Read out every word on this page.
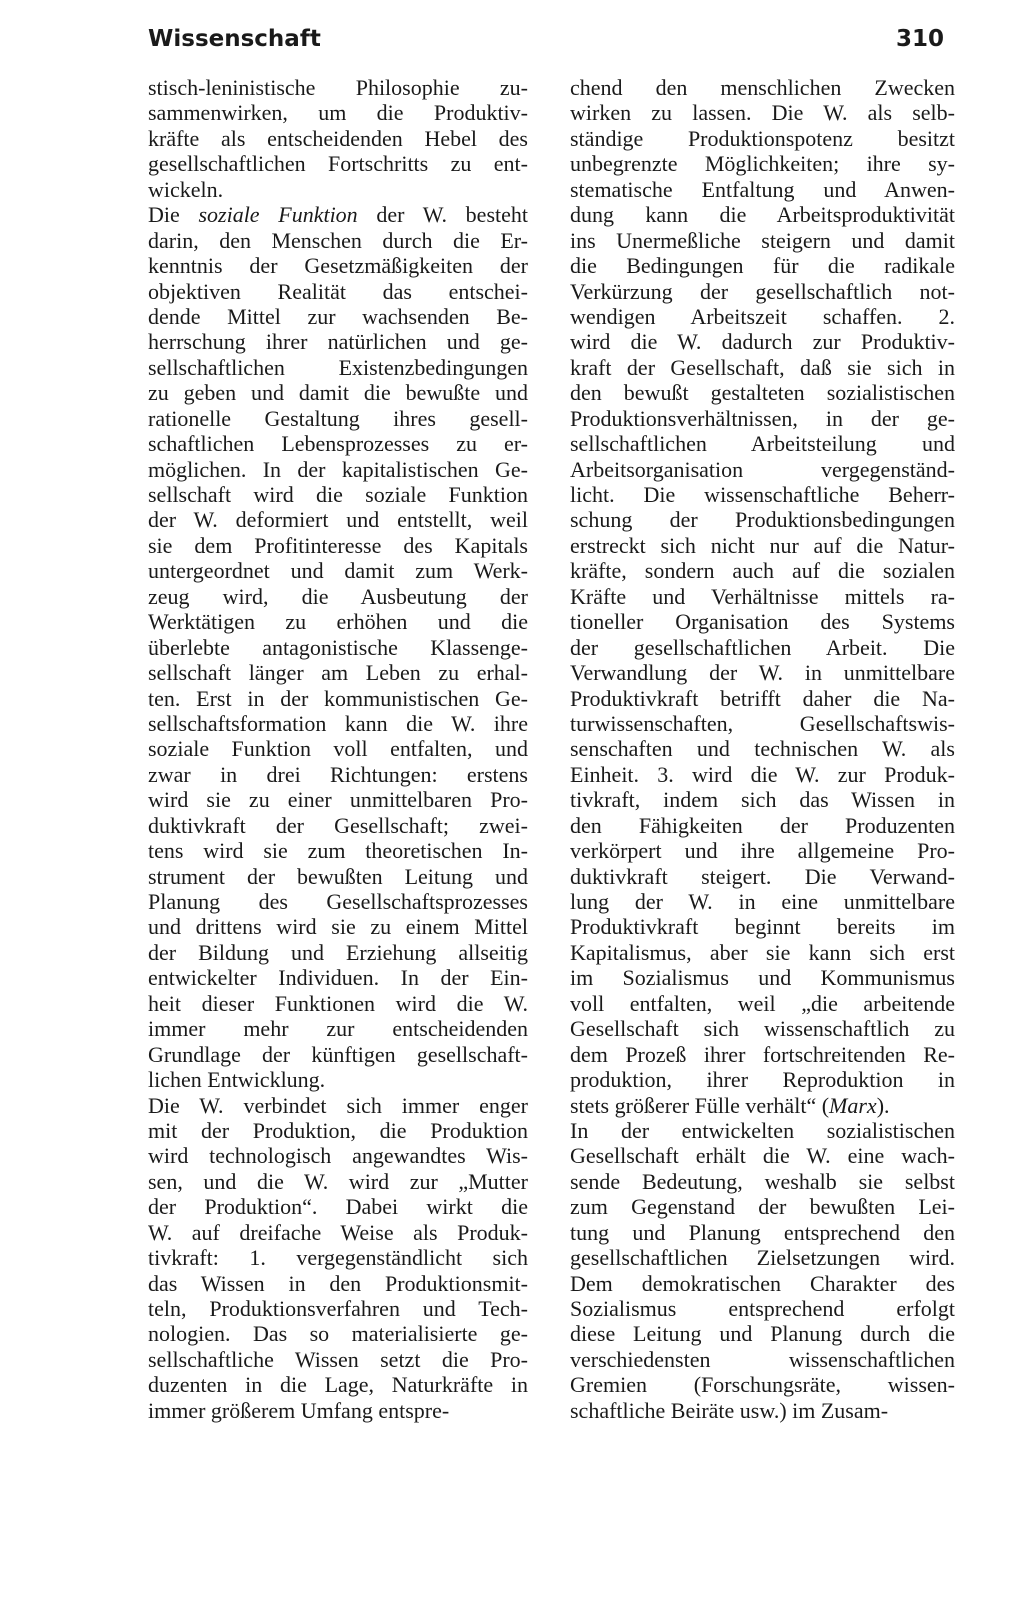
Wissenschaft	310
stisch-leninistische Philosophie zu-
sammenwirken, um die Produktiv-
kräfte als entscheidenden Hebel des
gesellschaftlichen Fortschritts zu ent-
wickeln.
Die soziale Funktion der W. besteht
darin, den Menschen durch die Er-
kenntnis der Gesetzmäßigkeiten der
objektiven Realität das entschei-
dende Mittel zur wachsenden Be-
herrschung ihrer natürlichen und ge-
sellschaftlichen Existenzbedingungen
zu geben und damit die bewußte und
rationelle Gestaltung ihres gesell-
schaftlichen Lebensprozesses zu er-
möglichen. In der kapitalistischen Ge-
sellschaft wird die soziale Funktion
der W. deformiert und entstellt, weil
sie dem Profitinteresse des Kapitals
untergeordnet und damit zum Werk-
zeug wird, die Ausbeutung der
Werktätigen zu erhöhen und die
überlebte antagonistische Klassenge-
sellschaft länger am Leben zu erhal-
ten. Erst in der kommunistischen Ge-
sellschaftsformation kann die W. ihre
soziale Funktion voll entfalten, und
zwar in drei Richtungen: erstens
wird sie zu einer unmittelbaren Pro-
duktivkraft der Gesellschaft; zwei-
tens wird sie zum theoretischen In-
strument der bewußten Leitung und
Planung des Gesellschaftsprozesses
und drittens wird sie zu einem Mittel
der Bildung und Erziehung allseitig
entwickelter Individuen. In der Ein-
heit dieser Funktionen wird die W.
immer mehr zur entscheidenden
Grundlage der künftigen gesellschaft-
lichen Entwicklung.
Die W. verbindet sich immer enger
mit der Produktion, die Produktion
wird technologisch angewandtes Wis-
sen, und die W. wird zur „Mutter
der Produktion“. Dabei wirkt die
W. auf dreifache Weise als Produk-
tivkraft: 1. vergegenständlicht sich
das Wissen in den Produktionsmit-
teln, Produktionsverfahren und Tech-
nologien. Das so materialisierte ge-
sellschaftliche Wissen setzt die Pro-
duzenten in die Lage, Naturkräfte in
immer größerem Umfang entspre-
chend den menschlichen Zwecken
wirken zu lassen. Die W. als selb-
ständige Produktionspotenz besitzt
unbegrenzte Möglichkeiten; ihre sy-
stematische Entfaltung und Anwen-
dung kann die Arbeitsproduktivität
ins Unermeßliche steigern und damit
die Bedingungen für die radikale
Verkürzung der gesellschaftlich not-
wendigen Arbeitszeit schaffen. 2.
wird die W. dadurch zur Produktiv-
kraft der Gesellschaft, daß sie sich in
den bewußt gestalteten sozialistischen
Produktionsverhältnissen, in der ge-
sellschaftlichen Arbeitsteilung und
Arbeitsorganisation vergegenständ-
licht. Die wissenschaftliche Beherr-
schung der Produktionsbedingungen
erstreckt sich nicht nur auf die Natur-
kräfte, sondern auch auf die sozialen
Kräfte und Verhältnisse mittels ra-
tioneller Organisation des Systems
der gesellschaftlichen Arbeit. Die
Verwandlung der W. in unmittelbare
Produktivkraft betrifft daher die Na-
turwissenschaften, Gesellschaftswis-
senschaften und technischen W. als
Einheit. 3. wird die W. zur Produk-
tivkraft, indem sich das Wissen in
den Fähigkeiten der Produzenten
verkörpert und ihre allgemeine Pro-
duktivkraft steigert. Die Verwand-
lung der W. in eine unmittelbare
Produktivkraft beginnt bereits im
Kapitalismus, aber sie kann sich erst
im Sozialismus und Kommunismus
voll entfalten, weil „die arbeitende
Gesellschaft sich wissenschaftlich zu
dem Prozeß ihrer fortschreitenden Re-
produktion, ihrer Reproduktion in
stets größerer Fülle verhält“ (Marx).
In der entwickelten sozialistischen
Gesellschaft erhält die W. eine wach-
sende Bedeutung, weshalb sie selbst
zum Gegenstand der bewußten Lei-
tung und Planung entsprechend den
gesellschaftlichen Zielsetzungen wird.
Dem demokratischen Charakter des
Sozialismus entsprechend erfolgt
diese Leitung und Planung durch die
verschiedensten wissenschaftlichen
Gremien (Forschungsräte, wissen-
schaftliche Beiräte usw.) im Zusam-
